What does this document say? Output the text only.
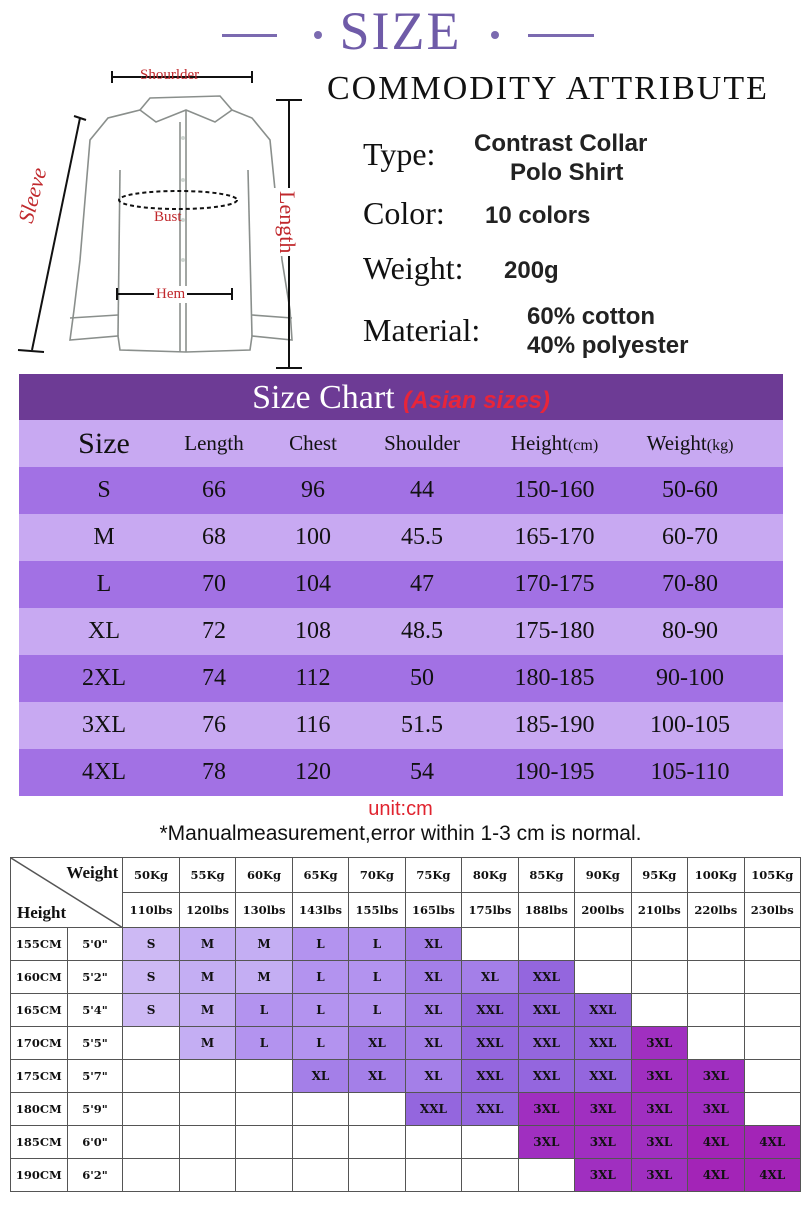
SIZE
Shourlder
Bust
Hem
Sleeve	Length
COMMODITY ATTRIBUTE
Type: Contrast Collar
Polo Shirt
Color: 10 colors
Weight: 200g
Material: 60% cotton
40% polyester
Size Chart (Asian sizes)
Size	Length	Chest	Shoulder	Height(cm)	Weight(kg)
S	66	96	44	150-160	50-60
M	68	100	45.5	165-170	60-70
L	70	104	47	170-175	70-80
XL	72	108	48.5	175-180	80-90
2XL	74	112	50	180-185	90-100
3XL	76	116	51.5	185-190	100-105
4XL	78	120	54	190-195	105-110
unit:cm
*Manualmeasurement,error within 1-3 cm is normal.
Weight
Height		50Kg	55Kg	60Kg	65Kg	70Kg	75Kg	80Kg	85Kg	90Kg	95Kg	100Kg	105Kg
		110lbs	120lbs	130lbs	143lbs	155lbs	165lbs	175lbs	188lbs	200lbs	210lbs	220lbs	230lbs
155CM	5'0"	S	M	M	L	L	XL						
160CM	5'2"	S	M	M	L	L	XL	XL	XXL				
165CM	5'4"	S	M	L	L	L	XL	XXL	XXL	XXL			
170CM	5'5"		M	L	L	XL	XL	XXL	XXL	XXL	3XL		
175CM	5'7"				XL	XL	XL	XXL	XXL	XXL	3XL	3XL	
180CM	5'9"						XXL	XXL	3XL	3XL	3XL	3XL	
185CM	6'0"								3XL	3XL	3XL	4XL	4XL
190CM	6'2"									3XL	3XL	4XL	4XL
